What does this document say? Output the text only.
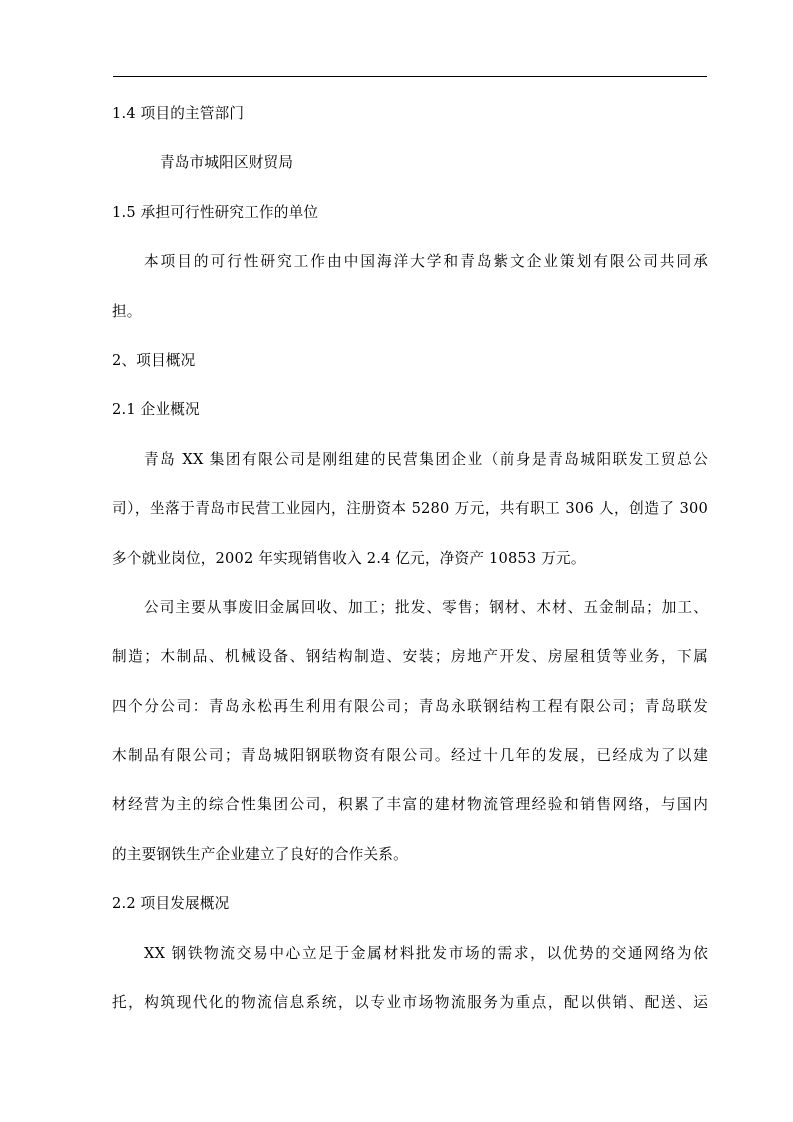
1.4 项目的主管部门
青岛市城阳区财贸局
1.5 承担可行性研究工作的单位
本项目的可行性研究工作由中国海洋大学和青岛紫文企业策划有限公司共同承
担。
2、项目概况
2.1 企业概况
青岛 XX 集团有限公司是刚组建的民营集团企业（前身是青岛城阳联发工贸总公
司），坐落于青岛市民营工业园内，注册资本 5280 万元，共有职工 306 人，创造了 300
多个就业岗位，2002 年实现销售收入 2.4 亿元，净资产 10853 万元。
公司主要从事废旧金属回收、加工；批发、零售；钢材、木材、五金制品；加工、
制造；木制品、机械设备、钢结构制造、安装；房地产开发、房屋租赁等业务，下属
四个分公司：青岛永松再生利用有限公司；青岛永联钢结构工程有限公司；青岛联发
木制品有限公司；青岛城阳钢联物资有限公司。经过十几年的发展，已经成为了以建
材经营为主的综合性集团公司，积累了丰富的建材物流管理经验和销售网络，与国内
的主要钢铁生产企业建立了良好的合作关系。
2.2 项目发展概况
XX 钢铁物流交易中心立足于金属材料批发市场的需求，以优势的交通网络为依
托，构筑现代化的物流信息系统，以专业市场物流服务为重点，配以供销、配送、运
